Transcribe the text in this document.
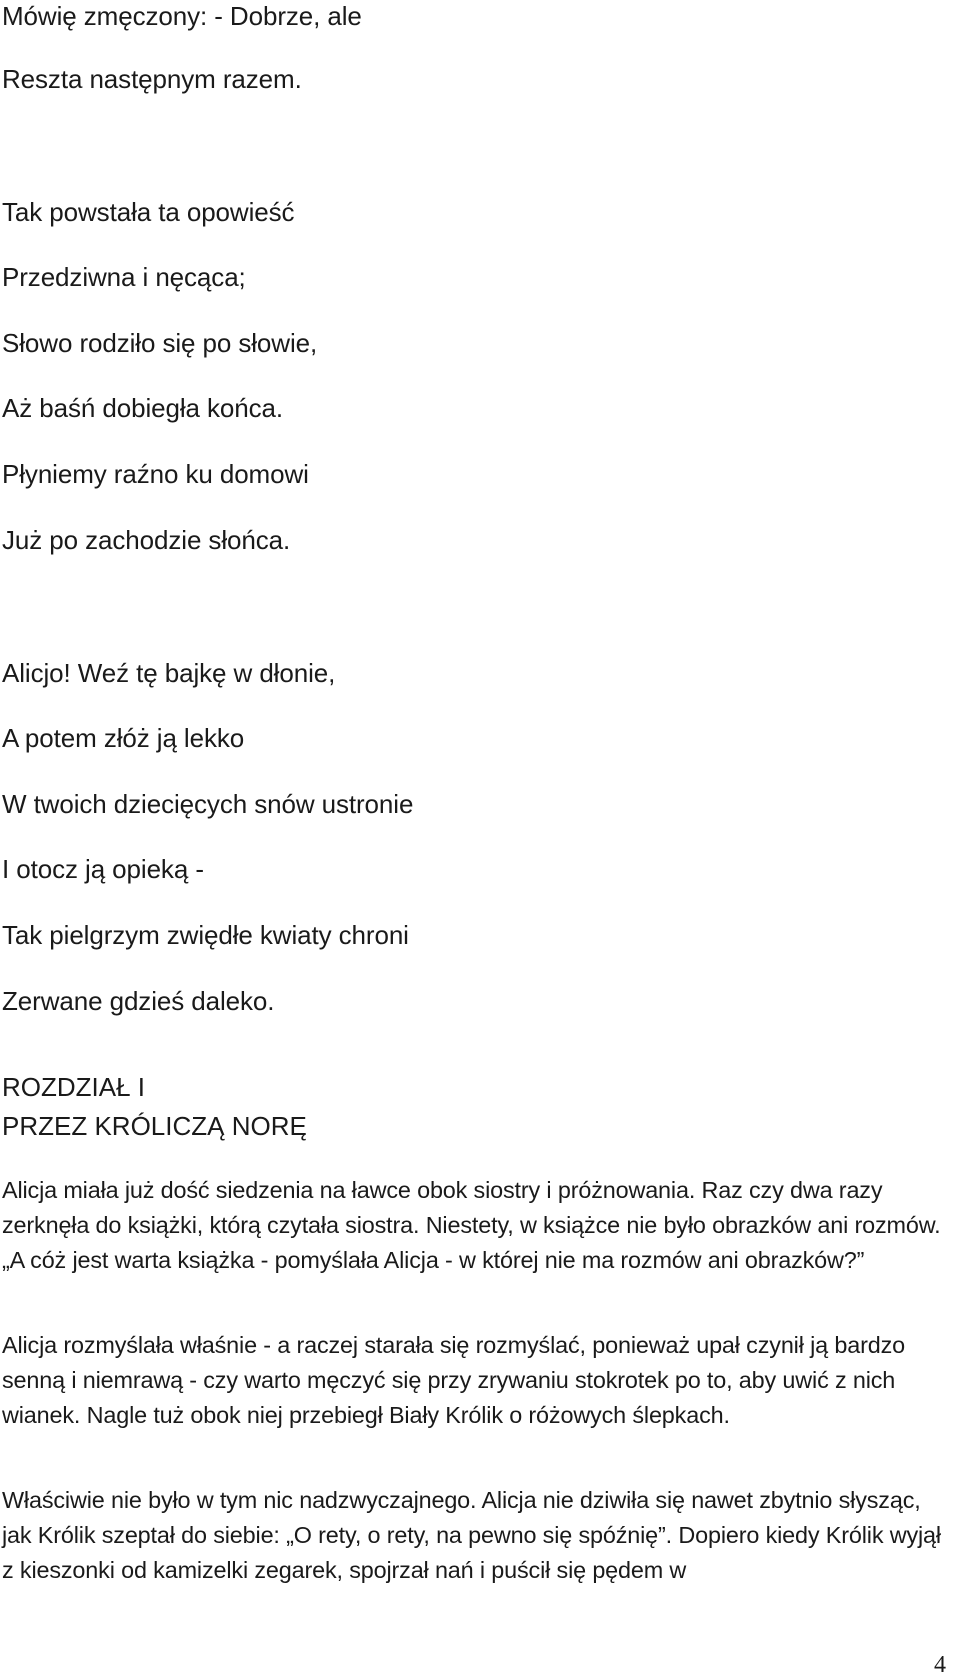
Mówię zmęczony: - Dobrze, ale

Reszta następnym razem.

Tak powstała ta opowieść

Przedziwna i nęcąca;

Słowo rodziło się po słowie,

Aż baśń dobiegła końca.

Płyniemy raźno ku domowi

Już po zachodzie słońca.

Alicjo! Weź tę bajkę w dłonie,

A potem złóż ją lekko

W twoich dziecięcych snów ustronie

I otocz ją opieką -

Tak pielgrzym zwiędłe kwiaty chroni

Zerwane gdzieś daleko.

ROZDZIAŁ I

PRZEZ KRÓLICZĄ NORĘ

Alicja miała już dość siedzenia na ławce obok siostry i próżnowania. Raz czy dwa razy zerknęła do książki, którą czytała siostra. Niestety, w książce nie było obrazków ani rozmów. „A cóż jest warta książka - pomyślała Alicja - w której nie ma rozmów ani obrazków?”

Alicja rozmyślała właśnie - a raczej starała się rozmyślać, ponieważ upał czynił ją bardzo senną i niemrawą - czy warto męczyć się przy zrywaniu stokrotek po to, aby uwić z nich wianek. Nagle tuż obok niej przebiegł Biały Królik o różowych ślepkach.

Właściwie nie było w tym nic nadzwyczajnego. Alicja nie dziwiła się nawet zbytnio słysząc, jak Królik szeptał do siebie: „O rety, o rety, na pewno się spóźnię”. Dopiero kiedy Królik wyjął z kieszonki od kamizelki zegarek, spojrzał nań i puścił się pędem w

4
